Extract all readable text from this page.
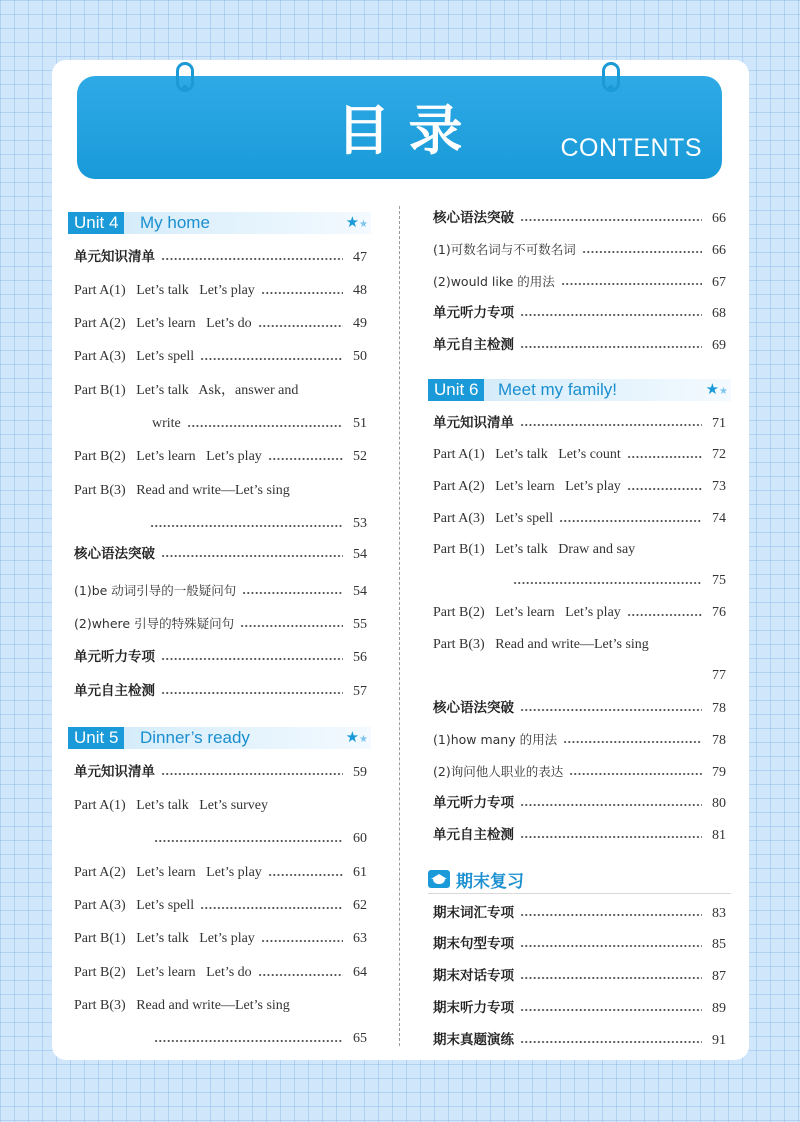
目录	CONTENTS
Unit 4	My home	★★
Unit 5	Dinner’s ready	★★
Unit 6	Meet my family!	★★
期末复习
单元知识清单	47
Part A(1)   Let’s talk   Let’s play	48
Part A(2)   Let’s learn   Let’s do	49
Part A(3)   Let’s spell	50
Part B(1)   Let’s talk   Ask，answer and
write	51
Part B(2)   Let’s learn   Let’s play	52
Part B(3)   Read and write—Let’s sing
53
核心语法突破	54
(1)be 动词引导的一般疑问句	54
(2)where 引导的特殊疑问句	55
单元听力专项	56
单元自主检测	57
单元知识清单	59
Part A(1)   Let’s talk   Let’s survey
60
Part A(2)   Let’s learn   Let’s play	61
Part A(3)   Let’s spell	62
Part B(1)   Let’s talk   Let’s play	63
Part B(2)   Let’s learn   Let’s do	64
Part B(3)   Read and write—Let’s sing
65
核心语法突破	66
(1)可数名词与不可数名词	66
(2)would like 的用法	67
单元听力专项	68
单元自主检测	69
单元知识清单	71
Part A(1)   Let’s talk   Let’s count	72
Part A(2)   Let’s learn   Let’s play	73
Part A(3)   Let’s spell	74
Part B(1)   Let’s talk   Draw and say
75
Part B(2)   Let’s learn   Let’s play	76
Part B(3)   Read and write—Let’s sing
77
核心语法突破	78
(1)how many 的用法	78
(2)询问他人职业的表达	79
单元听力专项	80
单元自主检测	81
期末词汇专项	83
期末句型专项	85
期末对话专项	87
期末听力专项	89
期末真题演练	91
